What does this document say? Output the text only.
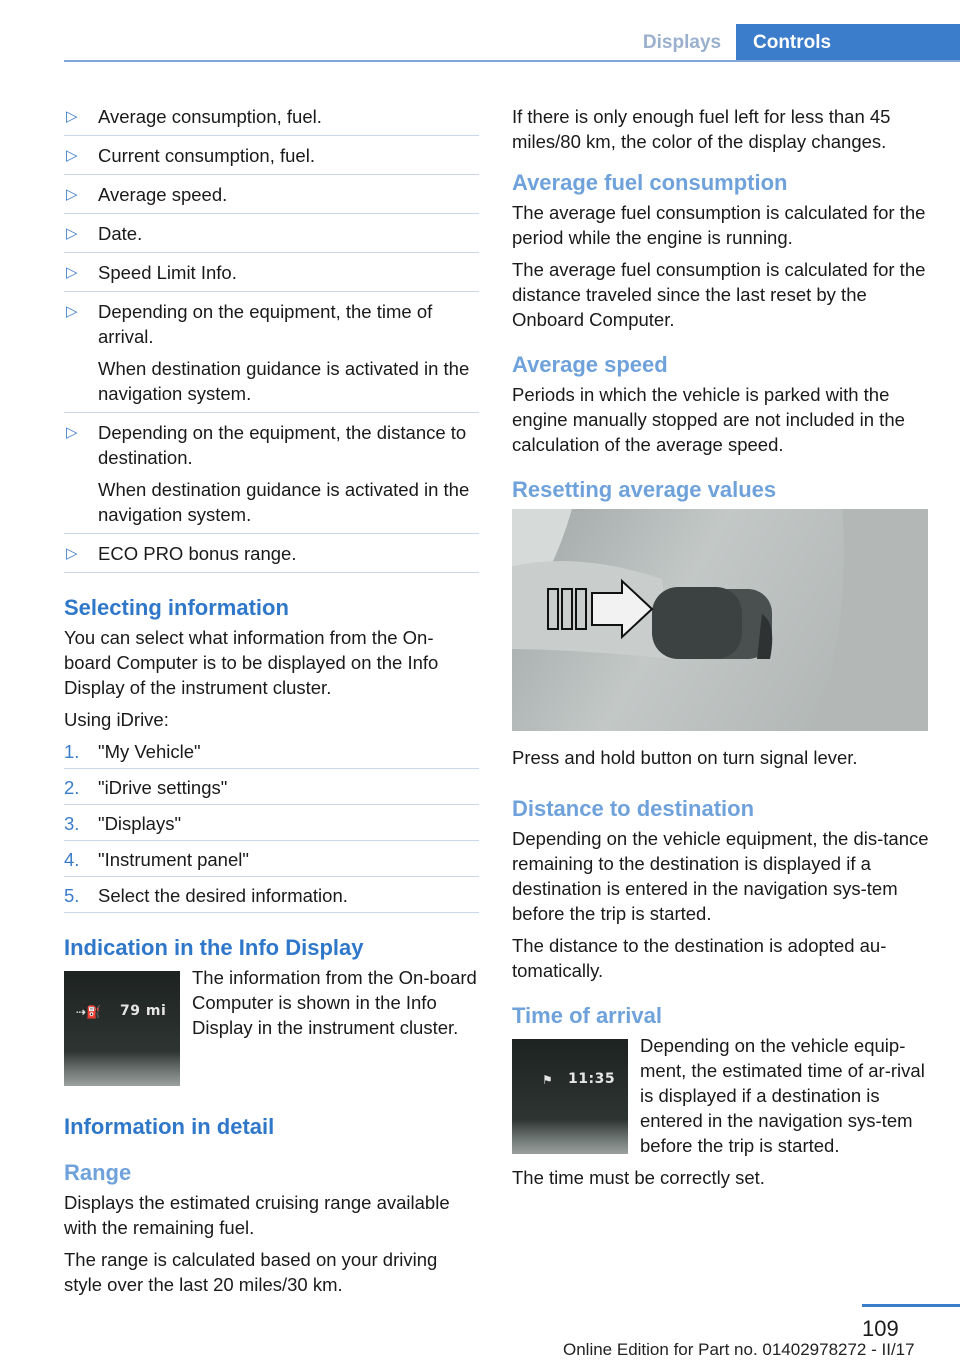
Displays	Controls
▷ Average consumption, fuel.

▷ Current consumption, fuel.

▷ Average speed.

▷ Date.

▷ Speed Limit Info.

▷ Depending on the equipment, the time of arrival.

When destination guidance is activated in the navigation system.

▷ Depending on the equipment, the distance to destination.

When destination guidance is activated in the navigation system.

▷ ECO PRO bonus range.

Selecting information

You can select what information from the On-board Computer is to be displayed on the Info Display of the instrument cluster.

Using iDrive:

1. "My Vehicle"
2. "iDrive settings"
3. "Displays"
4. "Instrument panel"
5. Select the desired information.
Indication in the Info Display
⇢⛽ 79 mi

The information from the On-board Computer is shown in the Info Display in the instrument cluster.

Information in detail
Range

Displays the estimated cruising range available with the remaining fuel.

The range is calculated based on your driving style over the last 20 miles/30 km.

If there is only enough fuel left for less than 45 miles/80 km, the color of the display changes.

Average fuel consumption

The average fuel consumption is calculated for the period while the engine is running.

The average fuel consumption is calculated for the distance traveled since the last reset by the Onboard Computer.

Average speed

Periods in which the vehicle is parked with the engine manually stopped are not included in the calculation of the average speed.

Resetting average values

Press and hold button on turn signal lever.

Distance to destination

Depending on the vehicle equipment, the dis-tance remaining to the destination is displayed if a destination is entered in the navigation sys-tem before the trip is started.

The distance to the destination is adopted au-tomatically.

Time of arrival
⚑ 11:35

Depending on the vehicle equip-ment, the estimated time of ar-rival is displayed if a destination is entered in the navigation sys-tem before the trip is started.

The time must be correctly set.

109
Online Edition for Part no. 01402978272 - II/17
